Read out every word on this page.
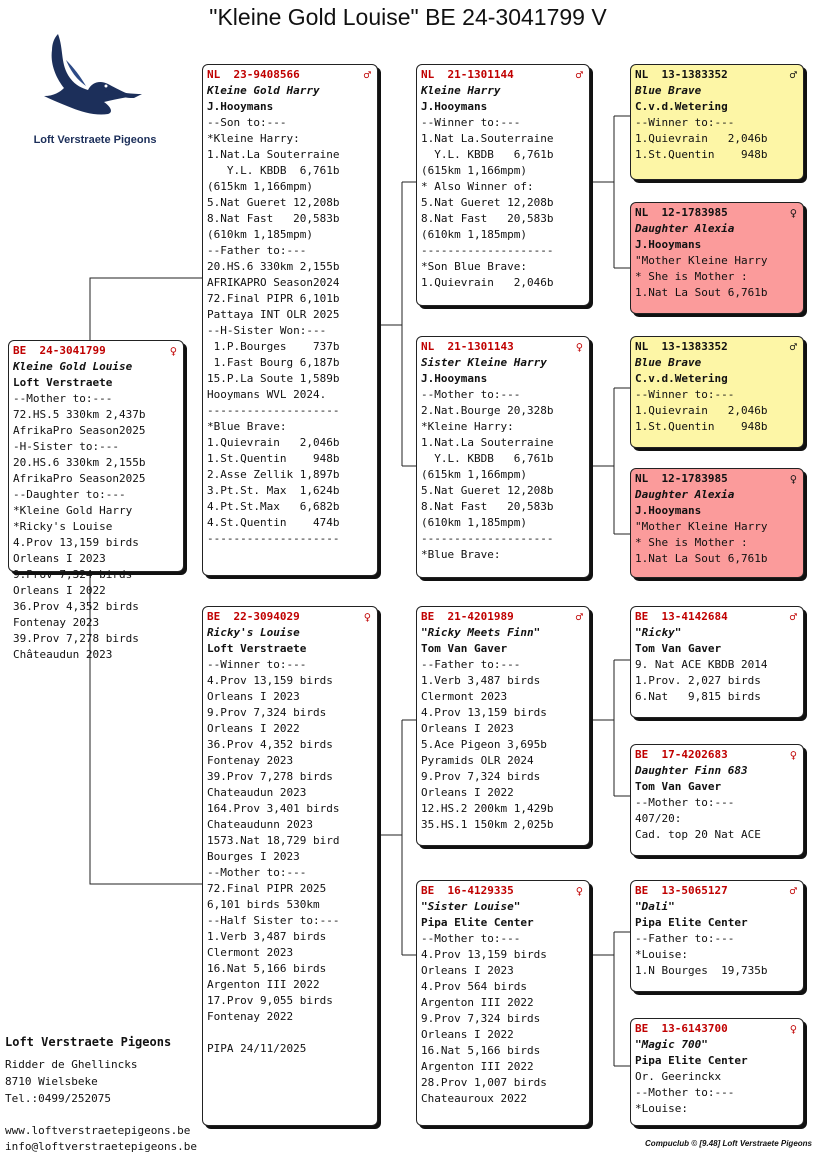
"Kleine Gold Louise" BE 24-3041799 V
Loft Verstraete Pigeons
BE  24-3041799	♀
Kleine Gold Louise
Loft Verstraete
--Mother to:---
72.HS.5 330km 2,437b
AfrikaPro Season2025
-H-Sister to:---
20.HS.6 330km 2,155b
AfrikaPro Season2025
--Daughter to:---
*Kleine Gold Harry
*Ricky's Louise
4.Prov 13,159 birds
Orleans I 2023
9.Prov 7,324 birds
Orleans I 2022
36.Prov 4,352 birds
Fontenay 2023
39.Prov 7,278 birds
Châteaudun 2023
NL  23-9408566	♂
Kleine Gold Harry
J.Hooymans
--Son to:---
*Kleine Harry:
1.Nat.La Souterraine
Y.L. KBDB  6,761b
(615km 1,166mpm)
5.Nat Gueret 12,208b
8.Nat Fast   20,583b
(610km 1,185mpm)
--Father to:---
20.HS.6 330km 2,155b
AFRIKAPRO Season2024
72.Final PIPR 6,101b
Pattaya INT OLR 2025
--H-Sister Won:---
1.P.Bourges    737b
1.Fast Bourg 6,187b
15.P.La Soute 1,589b
Hooymans WVL 2024.
--------------------
*Blue Brave:
1.Quievrain   2,046b
1.St.Quentin    948b
2.Asse Zellik 1,897b
3.Pt.St. Max  1,624b
4.Pt.St.Max   6,682b
4.St.Quentin    474b
--------------------
BE  22-3094029	♀
Ricky's Louise
Loft Verstraete
--Winner to:---
4.Prov 13,159 birds
Orleans I 2023
9.Prov 7,324 birds
Orleans I 2022
36.Prov 4,352 birds
Fontenay 2023
39.Prov 7,278 birds
Chateaudun 2023
164.Prov 3,401 birds
Chateaudunn 2023
1573.Nat 18,729 bird
Bourges I 2023
--Mother to:---
72.Final PIPR 2025
6,101 birds 530km
--Half Sister to:---
1.Verb 3,487 birds
Clermont 2023
16.Nat 5,166 birds
Argenton III 2022
17.Prov 9,055 birds
Fontenay 2022

PIPA 24/11/2025
NL  21-1301144	♂
Kleine Harry
J.Hooymans
--Winner to:---
1.Nat La.Souterraine
Y.L. KBDB   6,761b
(615km 1,166mpm)
* Also Winner of:
5.Nat Gueret 12,208b
8.Nat Fast   20,583b
(610km 1,185mpm)
--------------------
*Son Blue Brave:
1.Quievrain   2,046b
NL  21-1301143	♀
Sister Kleine Harry
J.Hooymans
--Mother to:---
2.Nat.Bourge 20,328b
*Kleine Harry:
1.Nat.La Souterraine
Y.L. KBDB   6,761b
(615km 1,166mpm)
5.Nat Gueret 12,208b
8.Nat Fast   20,583b
(610km 1,185mpm)
--------------------
*Blue Brave:
BE  21-4201989	♂
"Ricky Meets Finn"
Tom Van Gaver
--Father to:---
1.Verb 3,487 birds
Clermont 2023
4.Prov 13,159 birds
Orleans I 2023
5.Ace Pigeon 3,695b
Pyramids OLR 2024
9.Prov 7,324 birds
Orleans I 2022
12.HS.2 200km 1,429b
35.HS.1 150km 2,025b
BE  16-4129335	♀
"Sister Louise"
Pipa Elite Center
--Mother to:---
4.Prov 13,159 birds
Orleans I 2023
4.Prov 564 birds
Argenton III 2022
9.Prov 7,324 birds
Orleans I 2022
16.Nat 5,166 birds
Argenton III 2022
28.Prov 1,007 birds
Chateauroux 2022
NL  13-1383352	♂
Blue Brave
C.v.d.Wetering
--Winner to:---
1.Quievrain   2,046b
1.St.Quentin    948b
NL  12-1783985	♀
Daughter Alexia
J.Hooymans
"Mother Kleine Harry
* She is Mother :
1.Nat La Sout 6,761b
NL  13-1383352	♂
Blue Brave
C.v.d.Wetering
--Winner to:---
1.Quievrain   2,046b
1.St.Quentin    948b
NL  12-1783985	♀
Daughter Alexia
J.Hooymans
"Mother Kleine Harry
* She is Mother :
1.Nat La Sout 6,761b
BE  13-4142684	♂
"Ricky"
Tom Van Gaver
9. Nat ACE KBDB 2014
1.Prov. 2,027 birds
6.Nat   9,815 birds
BE  17-4202683	♀
Daughter Finn 683
Tom Van Gaver
--Mother to:---
407/20:
Cad. top 20 Nat ACE
BE  13-5065127	♂
"Dali"
Pipa Elite Center
--Father to:---
*Louise:
1.N Bourges  19,735b
BE  13-6143700	♀
"Magic 700"
Pipa Elite Center
Or. Geerinckx
--Mother to:---
*Louise:
Loft Verstraete Pigeons
Ridder de Ghellincks
8710 Wielsbeke
Tel.:0499/252075
www.loftverstraetepigeons.be
info@loftverstraetepigeons.be	Compuclub © [9.48] Loft Verstraete Pigeons
